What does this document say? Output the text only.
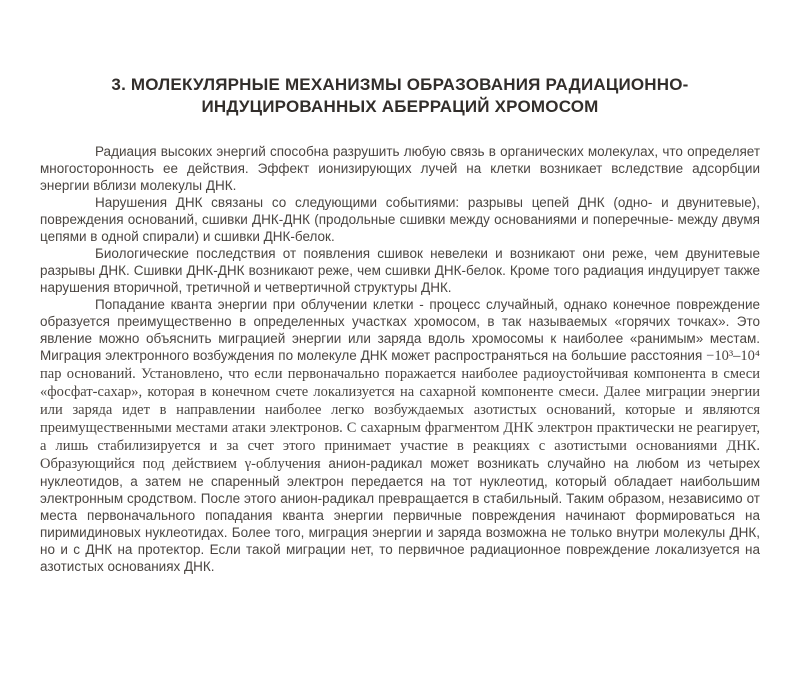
3. МОЛЕКУЛЯРНЫЕ МЕХАНИЗМЫ ОБРАЗОВАНИЯ РАДИАЦИОННО-ИНДУЦИРОВАННЫХ АБЕРРАЦИЙ ХРОМОСОМ

Радиация высоких энергий способна разрушить любую связь в органических молекулах, что определяет многосторонность ее действия. Эффект ионизирующих лучей на клетки возникает вследствие адсорбции энергии вблизи молекулы ДНК.

Нарушения ДНК связаны со следующими событиями: разрывы цепей ДНК (одно- и двунитевые), повреждения оснований, сшивки ДНК-ДНК (продольные сшивки между основаниями и поперечные- между двумя цепями в одной спирали) и сшивки ДНК-белок.

Биологические последствия от появления сшивок невелеки и возникают они реже, чем двунитевые разрывы ДНК. Сшивки ДНК-ДНК возникают реже, чем сшивки ДНК-белок. Кроме того радиация индуцирует также нарушения вторичной, третичной и четвертичной структуры ДНК.

Попадание кванта энергии при облучении клетки - процесс случайный, однако конечное повреждение образуется преимущественно в определенных участках хромосом, в так называемых «горячих точках». Это явление можно объяснить миграцией энергии или заряда вдоль хромосомы к наиболее «ранимым» местам. Миграция электронного возбуждения по молекуле ДНК может распространяться на большие расстояния −10³–10⁴ пар оснований. Установлено, что если первоначально поражается наиболее радиоустойчивая компонента в смеси «фосфат-сахар», которая в конечном счете локализуется на сахарной компоненте смеси. Далее миграции энергии или заряда идет в направлении наиболее легко возбуждаемых азотистых оснований, которые и являются преимущественными местами атаки электронов. С сахарным фрагментом ДНК электрон практически не реагирует, а лишь стабилизируется и за счет этого принимает участие в реакциях с азотистыми основаниями ДНК. Образующийся под действием γ-облучения анион-радикал может возникать случайно на любом из четырех нуклеотидов, а затем не спаренный электрон передается на тот нуклеотид, который обладает наибольшим электронным сродством. После этого анион-радикал превращается в стабильный. Таким образом, независимо от места первоначального попадания кванта энергии первичные повреждения начинают формироваться на пиримидиновых нуклеотидах. Более того, миграция энергии и заряда возможна не только внутри молекулы ДНК, но и с ДНК на протектор. Если такой миграции нет, то первичное радиационное повреждение локализуется на азотистых основаниях ДНК.
